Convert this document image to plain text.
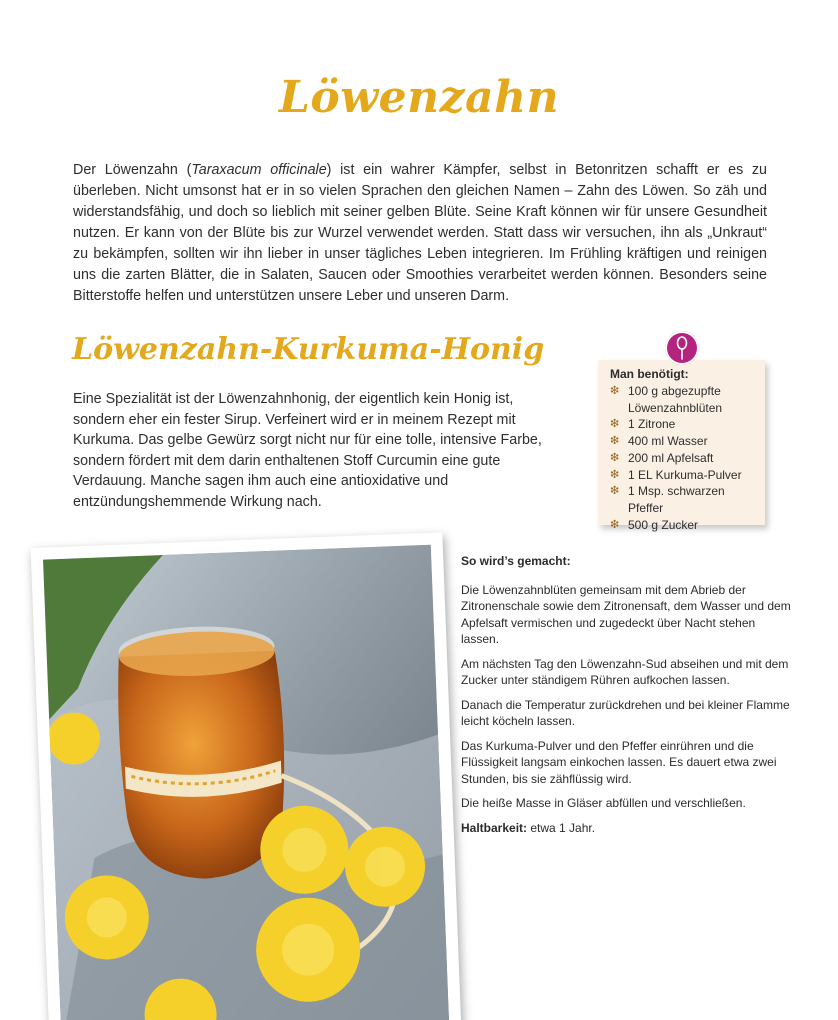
Löwenzahn

Der Löwenzahn (Taraxacum officinale) ist ein wahrer Kämpfer, selbst in Betonritzen schafft er es zu überleben. Nicht umsonst hat er in so vielen Sprachen den gleichen Namen – Zahn des Löwen. So zäh und widerstandsfähig, und doch so lieblich mit seiner gelben Blüte. Seine Kraft können wir für unsere Gesundheit nutzen. Er kann von der Blüte bis zur Wurzel verwendet werden. Statt dass wir versuchen, ihn als „Unkraut“ zu bekämpfen, sollten wir ihn lieber in unser tägliches Leben integrieren. Im Frühling kräftigen und reinigen uns die zarten Blätter, die in Salaten, Saucen oder Smoothies verarbeitet werden können. Besonders seine Bitterstoffe helfen und unterstützen unsere Leber und unseren Darm.

Löwenzahn-Kurkuma-Honig

Eine Spezialität ist der Löwenzahnhonig, der eigentlich kein Honig ist, sondern eher ein fester Sirup. Verfeinert wird er in meinem Rezept mit Kurkuma. Das gelbe Gewürz sorgt nicht nur für eine tolle, intensive Farbe, sondern fördert mit dem darin enthaltenen Stoff Curcumin eine gute Verdauung. Manche sagen ihm auch eine antioxidative und entzündungshemmende Wirkung nach.

Man benötigt:
❇ 100 g abgezupfte Löwenzahnblüten
❇ 1 Zitrone
❇ 400 ml Wasser
❇ 200 ml Apfelsaft
❇ 1 EL Kurkuma-Pulver
❇ 1 Msp. schwarzen Pfeffer
❇ 500 g Zucker
So wird’s gemacht:

Die Löwenzahnblüten gemeinsam mit dem Abrieb der Zitronenschale sowie dem Zitronensaft, dem Wasser und dem Apfelsaft vermischen und zugedeckt über Nacht stehen lassen.

Am nächsten Tag den Löwenzahn-Sud abseihen und mit dem Zucker unter ständigem Rühren aufkochen lassen.

Danach die Temperatur zurückdrehen und bei kleiner Flamme leicht köcheln lassen.

Das Kurkuma-Pulver und den Pfeffer einrühren und die Flüssigkeit langsam einkochen lassen. Es dauert etwa zwei Stunden, bis sie zähflüssig wird.

Die heiße Masse in Gläser abfüllen und verschließen.

Haltbarkeit: etwa 1 Jahr.
